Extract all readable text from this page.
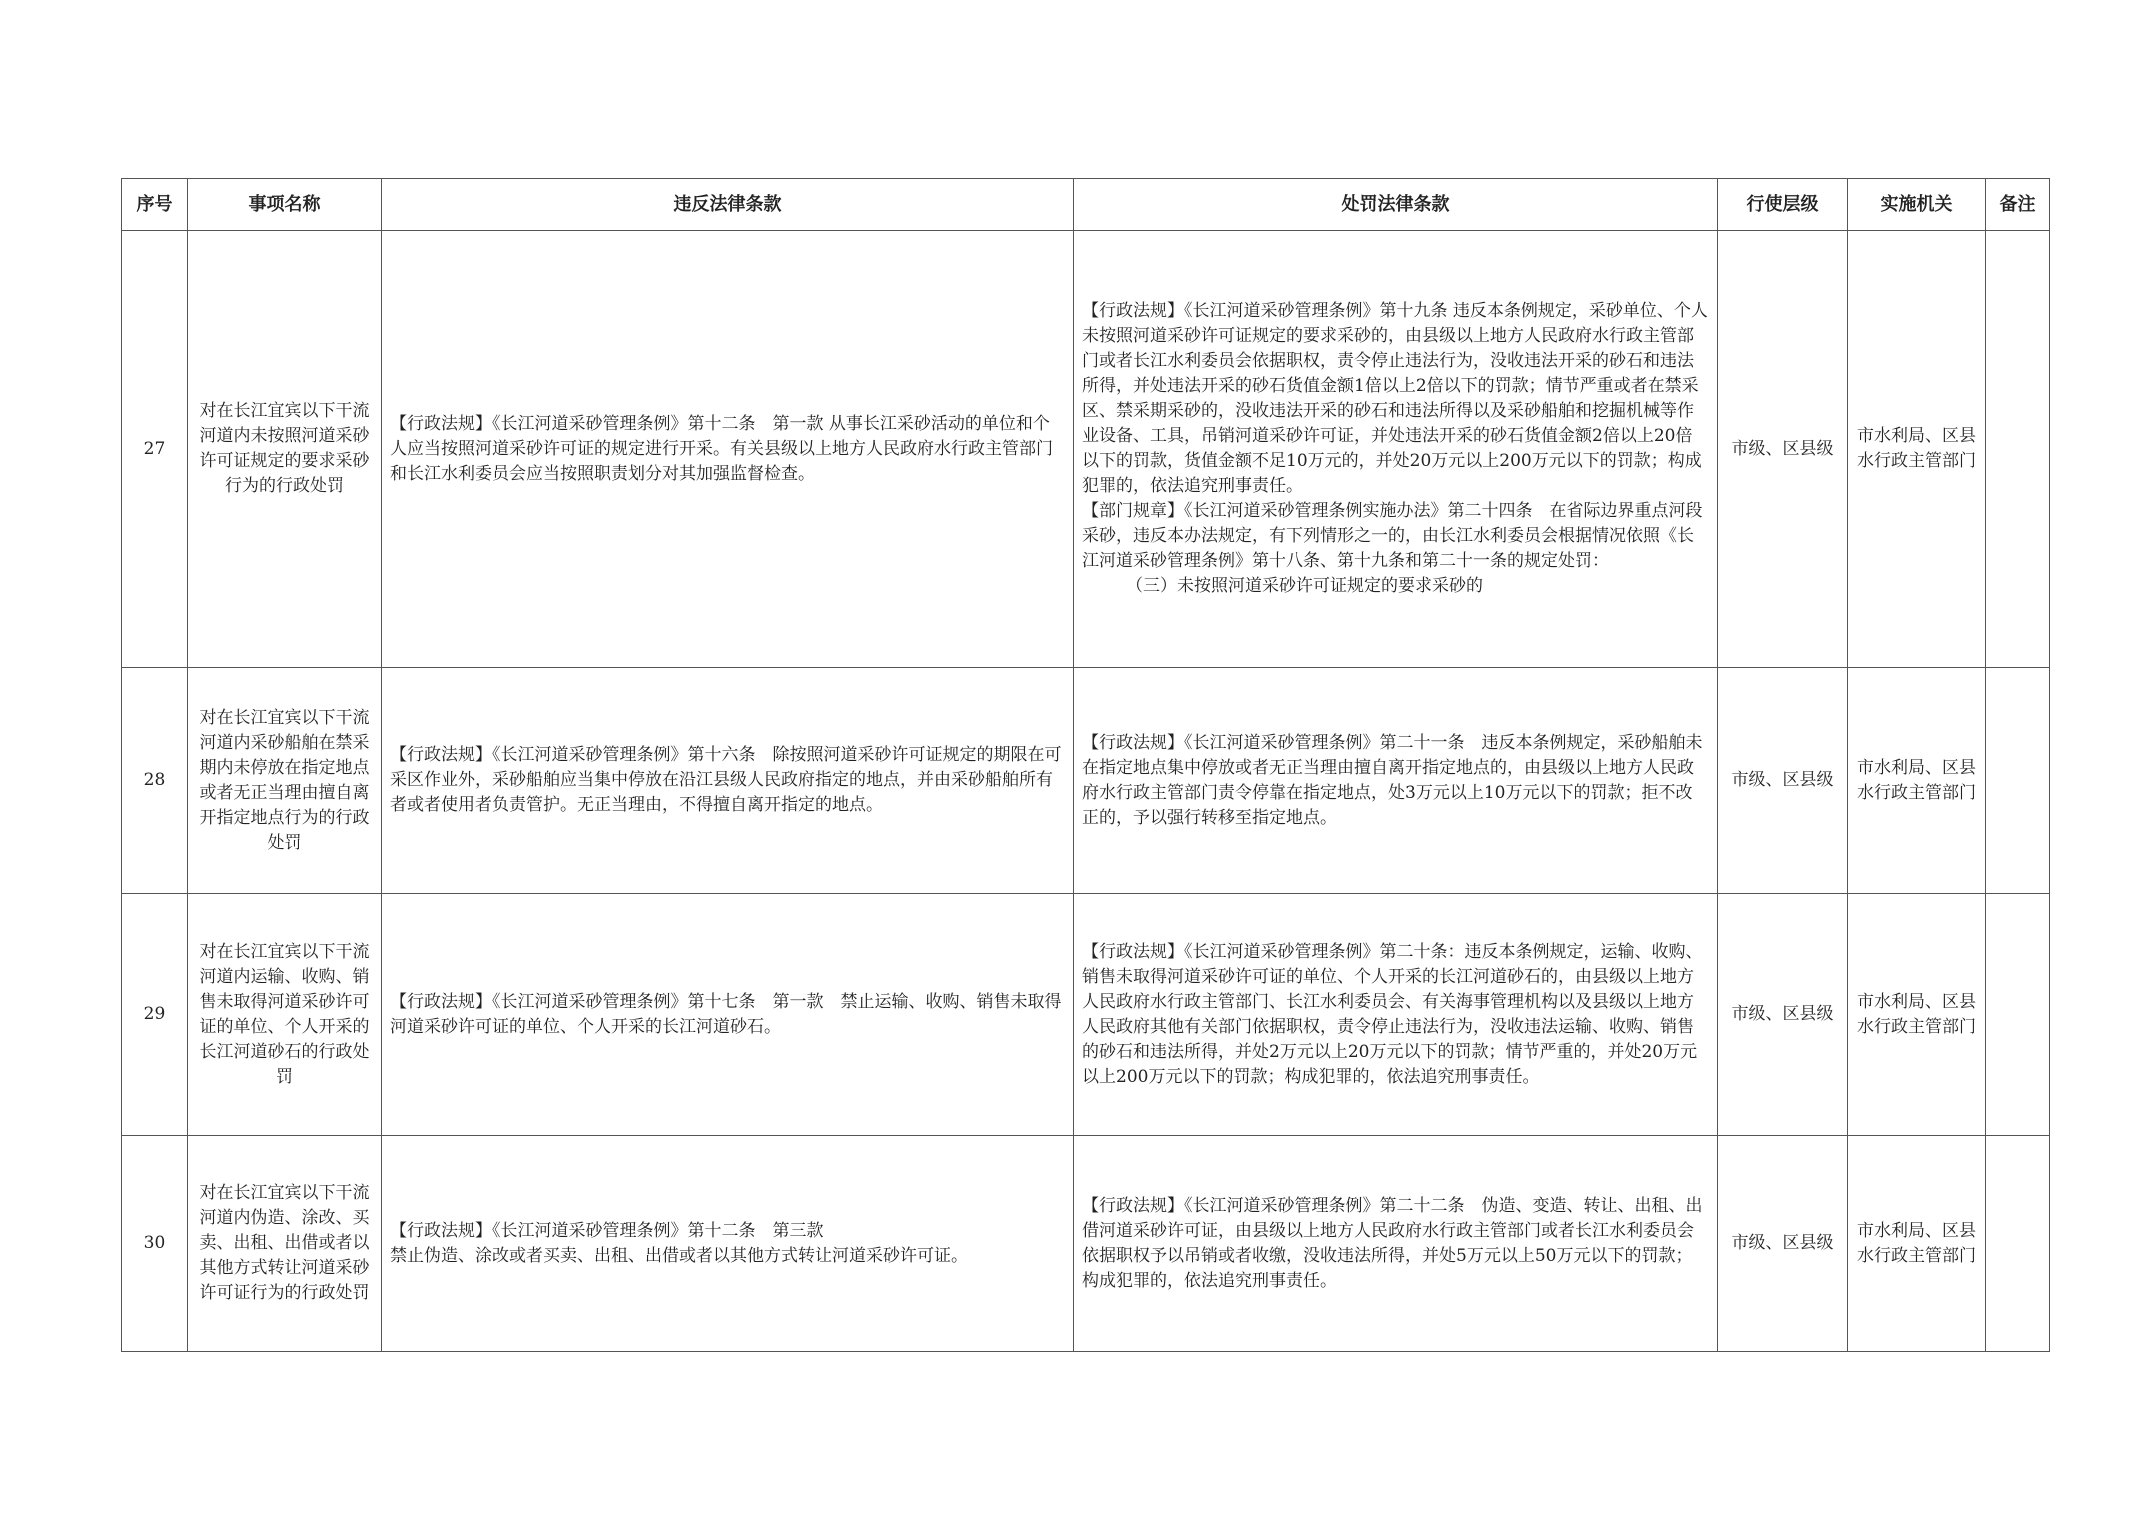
序号	事项名称	违反法律条款	处罚法律条款	行使层级	实施机关	备注
27	对在长江宜宾以下干流河道内未按照河道采砂许可证规定的要求采砂行为的行政处罚	【行政法规】《长江河道采砂管理条例》第十二条　第一款 从事长江采砂活动的单位和个人应当按照河道采砂许可证的规定进行开采。有关县级以上地方人民政府水行政主管部门和长江水利委员会应当按照职责划分对其加强监督检查。	【行政法规】《长江河道采砂管理条例》第十九条 违反本条例规定，采砂单位、个人未按照河道采砂许可证规定的要求采砂的，由县级以上地方人民政府水行政主管部门或者长江水利委员会依据职权，责令停止违法行为，没收违法开采的砂石和违法所得，并处违法开采的砂石货值金额1倍以上2倍以下的罚款；情节严重或者在禁采区、禁采期采砂的，没收违法开采的砂石和违法所得以及采砂船舶和挖掘机械等作业设备、工具，吊销河道采砂许可证，并处违法开采的砂石货值金额2倍以上20倍以下的罚款，货值金额不足10万元的，并处20万元以上200万元以下的罚款；构成犯罪的，依法追究刑事责任。
【部门规章】《长江河道采砂管理条例实施办法》第二十四条　在省际边界重点河段采砂，违反本办法规定，有下列情形之一的，由长江水利委员会根据情况依照《长江河道采砂管理条例》第十八条、第十九条和第二十一条的规定处罚：
（三）未按照河道采砂许可证规定的要求采砂的	市级、区县级	市水利局、区县水行政主管部门	
28	对在长江宜宾以下干流河道内采砂船舶在禁采期内未停放在指定地点或者无正当理由擅自离开指定地点行为的行政处罚	【行政法规】《长江河道采砂管理条例》第十六条　除按照河道采砂许可证规定的期限在可采区作业外，采砂船舶应当集中停放在沿江县级人民政府指定的地点，并由采砂船舶所有者或者使用者负责管护。无正当理由，不得擅自离开指定的地点。	【行政法规】《长江河道采砂管理条例》第二十一条　违反本条例规定，采砂船舶未在指定地点集中停放或者无正当理由擅自离开指定地点的，由县级以上地方人民政府水行政主管部门责令停靠在指定地点，处3万元以上10万元以下的罚款；拒不改正的，予以强行转移至指定地点。	市级、区县级	市水利局、区县水行政主管部门	
29	对在长江宜宾以下干流河道内运输、收购、销售未取得河道采砂许可证的单位、个人开采的长江河道砂石的行政处罚	【行政法规】《长江河道采砂管理条例》第十七条　第一款　禁止运输、收购、销售未取得河道采砂许可证的单位、个人开采的长江河道砂石。	【行政法规】《长江河道采砂管理条例》第二十条：违反本条例规定，运输、收购、销售未取得河道采砂许可证的单位、个人开采的长江河道砂石的，由县级以上地方人民政府水行政主管部门、长江水利委员会、有关海事管理机构以及县级以上地方人民政府其他有关部门依据职权，责令停止违法行为，没收违法运输、收购、销售的砂石和违法所得，并处2万元以上20万元以下的罚款；情节严重的，并处20万元以上200万元以下的罚款；构成犯罪的，依法追究刑事责任。	市级、区县级	市水利局、区县水行政主管部门	
30	对在长江宜宾以下干流河道内伪造、涂改、买卖、出租、出借或者以其他方式转让河道采砂许可证行为的行政处罚	【行政法规】《长江河道采砂管理条例》第十二条　第三款
禁止伪造、涂改或者买卖、出租、出借或者以其他方式转让河道采砂许可证。	【行政法规】《长江河道采砂管理条例》第二十二条　伪造、变造、转让、出租、出借河道采砂许可证，由县级以上地方人民政府水行政主管部门或者长江水利委员会依据职权予以吊销或者收缴，没收违法所得，并处5万元以上50万元以下的罚款；构成犯罪的，依法追究刑事责任。	市级、区县级	市水利局、区县水行政主管部门	
